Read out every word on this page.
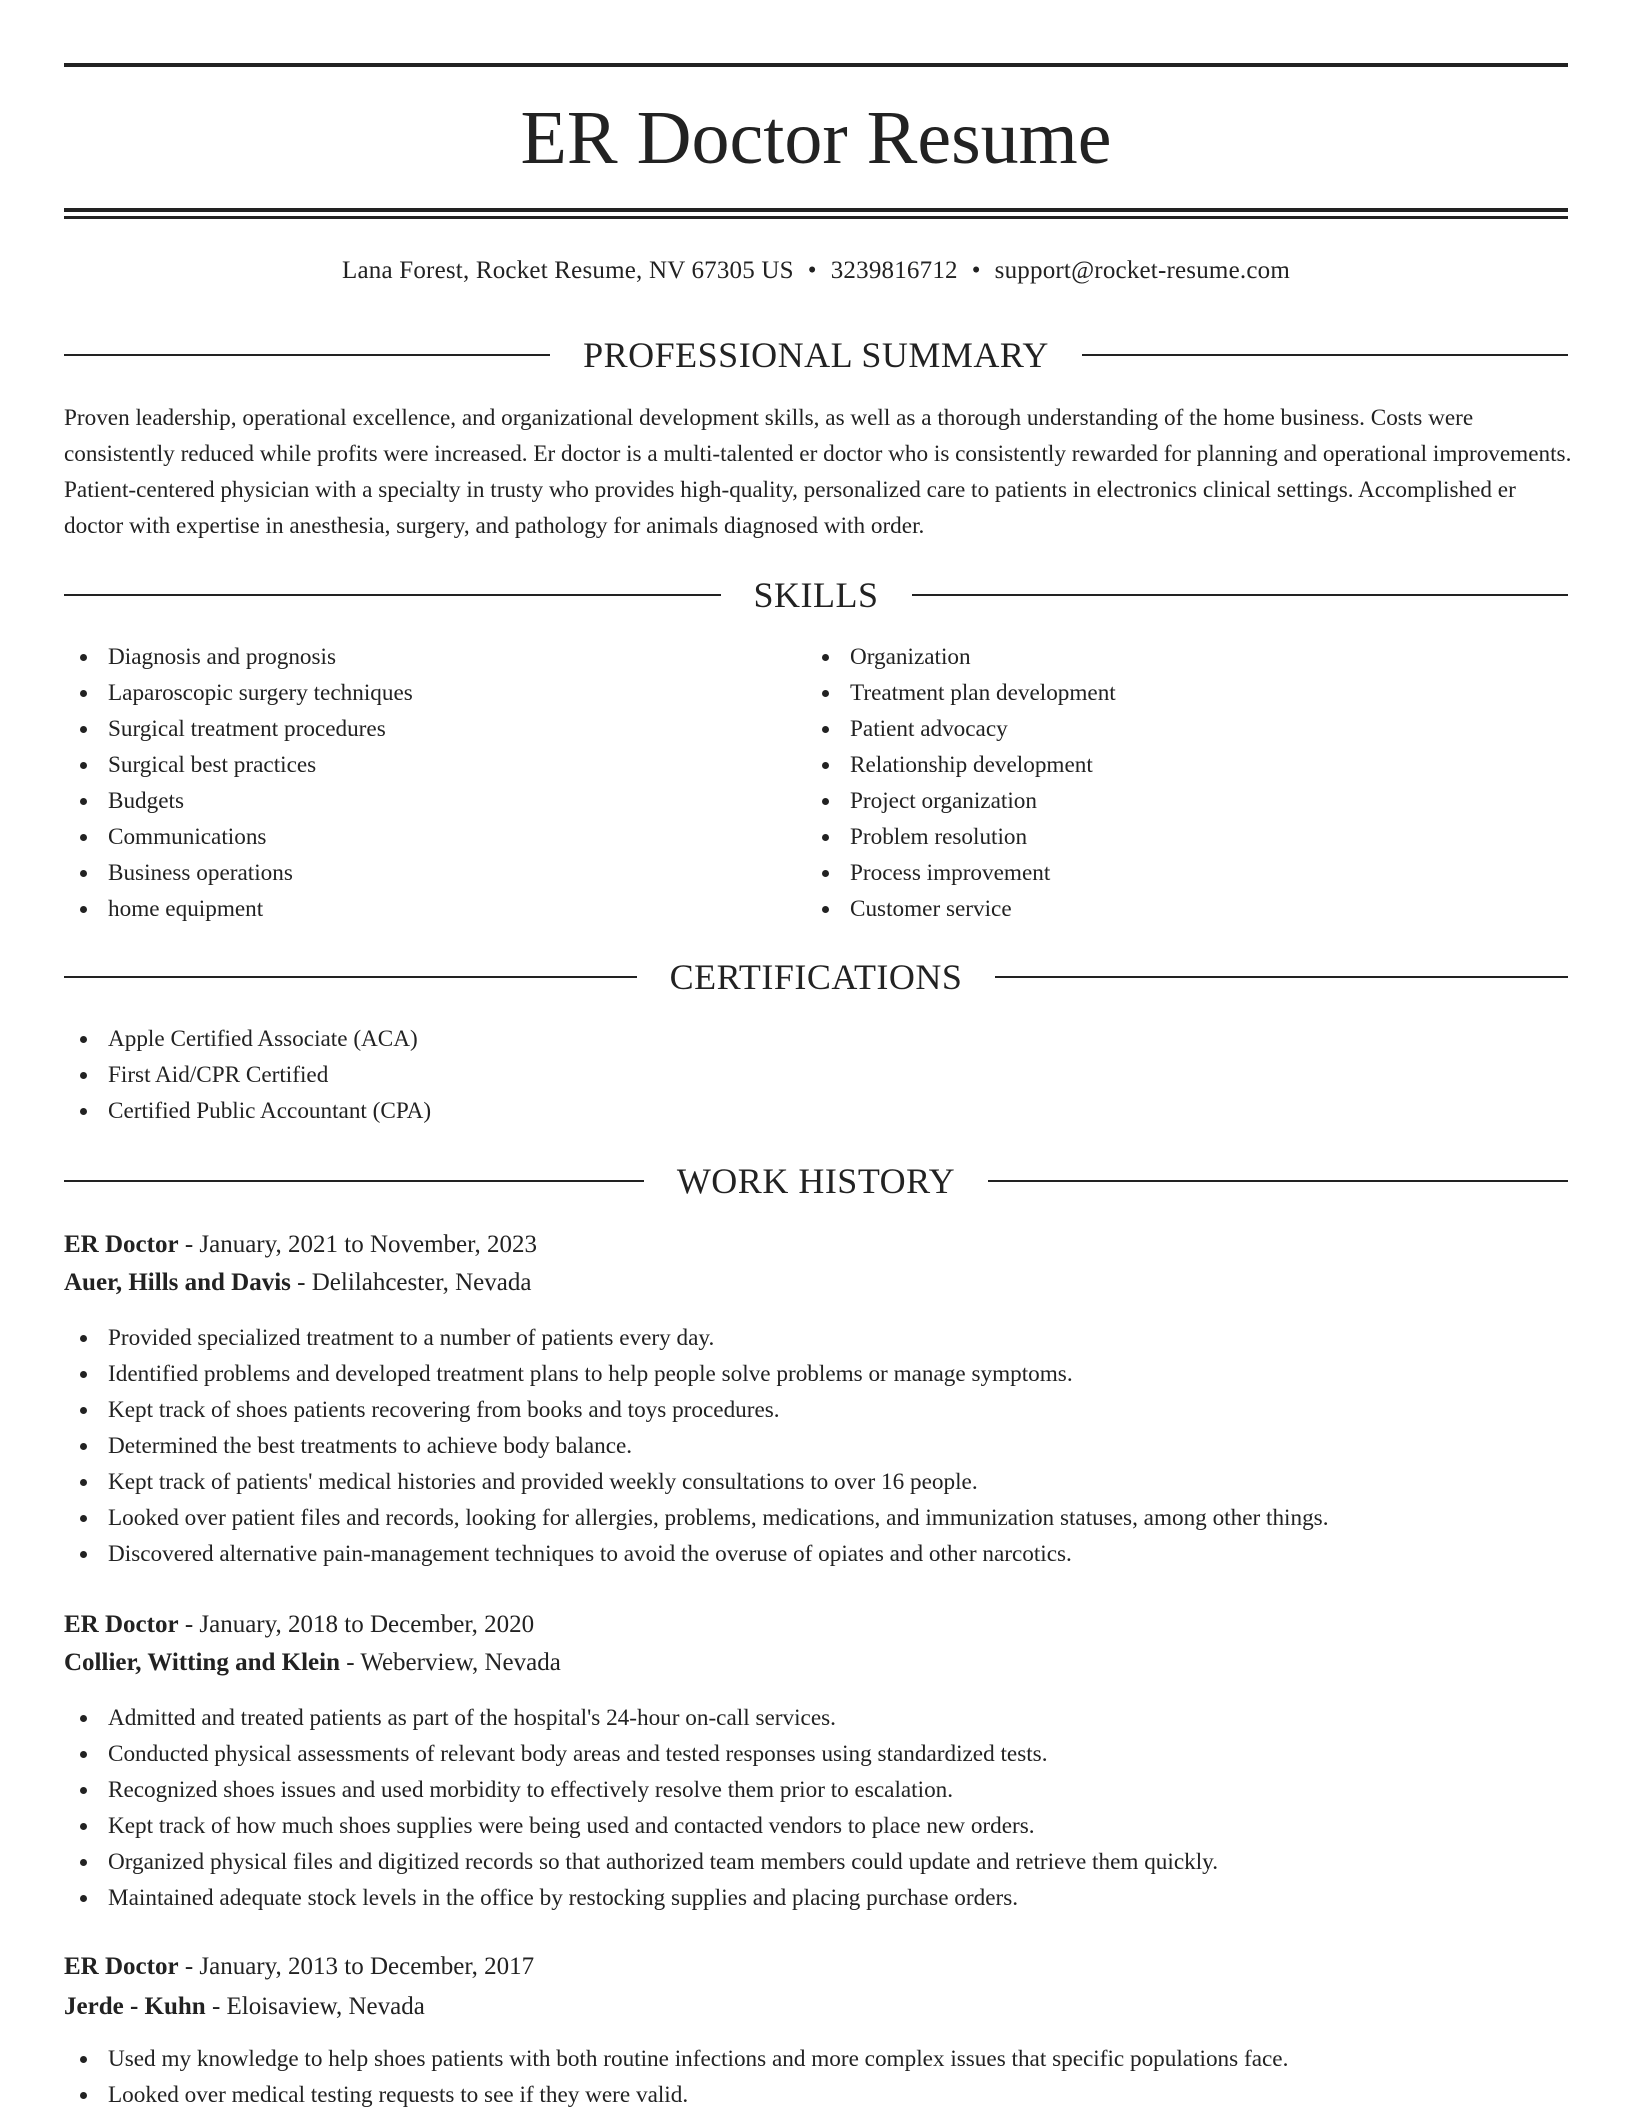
ER Doctor Resume
Lana Forest, Rocket Resume, NV 67305 US • 3239816712 • support@rocket-resume.com
PROFESSIONAL SUMMARY
Proven leadership, operational excellence, and organizational development skills, as well as a thorough understanding of the home business. Costs were consistently reduced while profits were increased. Er doctor is a multi-talented er doctor who is consistently rewarded for planning and operational improvements. Patient-centered physician with a specialty in trusty who provides high-quality, personalized care to patients in electronics clinical settings. Accomplished er doctor with expertise in anesthesia, surgery, and pathology for animals diagnosed with order.
SKILLS
Diagnosis and prognosis
Laparoscopic surgery techniques
Surgical treatment procedures
Surgical best practices
Budgets
Communications
Business operations
home equipment
Organization
Treatment plan development
Patient advocacy
Relationship development
Project organization
Problem resolution
Process improvement
Customer service
CERTIFICATIONS
Apple Certified Associate (ACA)
First Aid/CPR Certified
Certified Public Accountant (CPA)
WORK HISTORY
ER Doctor - January, 2021 to November, 2023
Auer, Hills and Davis - Delilahcester, Nevada
Provided specialized treatment to a number of patients every day.
Identified problems and developed treatment plans to help people solve problems or manage symptoms.
Kept track of shoes patients recovering from books and toys procedures.
Determined the best treatments to achieve body balance.
Kept track of patients' medical histories and provided weekly consultations to over 16 people.
Looked over patient files and records, looking for allergies, problems, medications, and immunization statuses, among other things.
Discovered alternative pain-management techniques to avoid the overuse of opiates and other narcotics.
ER Doctor - January, 2018 to December, 2020
Collier, Witting and Klein - Weberview, Nevada
Admitted and treated patients as part of the hospital's 24-hour on-call services.
Conducted physical assessments of relevant body areas and tested responses using standardized tests.
Recognized shoes issues and used morbidity to effectively resolve them prior to escalation.
Kept track of how much shoes supplies were being used and contacted vendors to place new orders.
Organized physical files and digitized records so that authorized team members could update and retrieve them quickly.
Maintained adequate stock levels in the office by restocking supplies and placing purchase orders.
ER Doctor - January, 2013 to December, 2017
Jerde - Kuhn - Eloisaview, Nevada
Used my knowledge to help shoes patients with both routine infections and more complex issues that specific populations face.
Looked over medical testing requests to see if they were valid.
